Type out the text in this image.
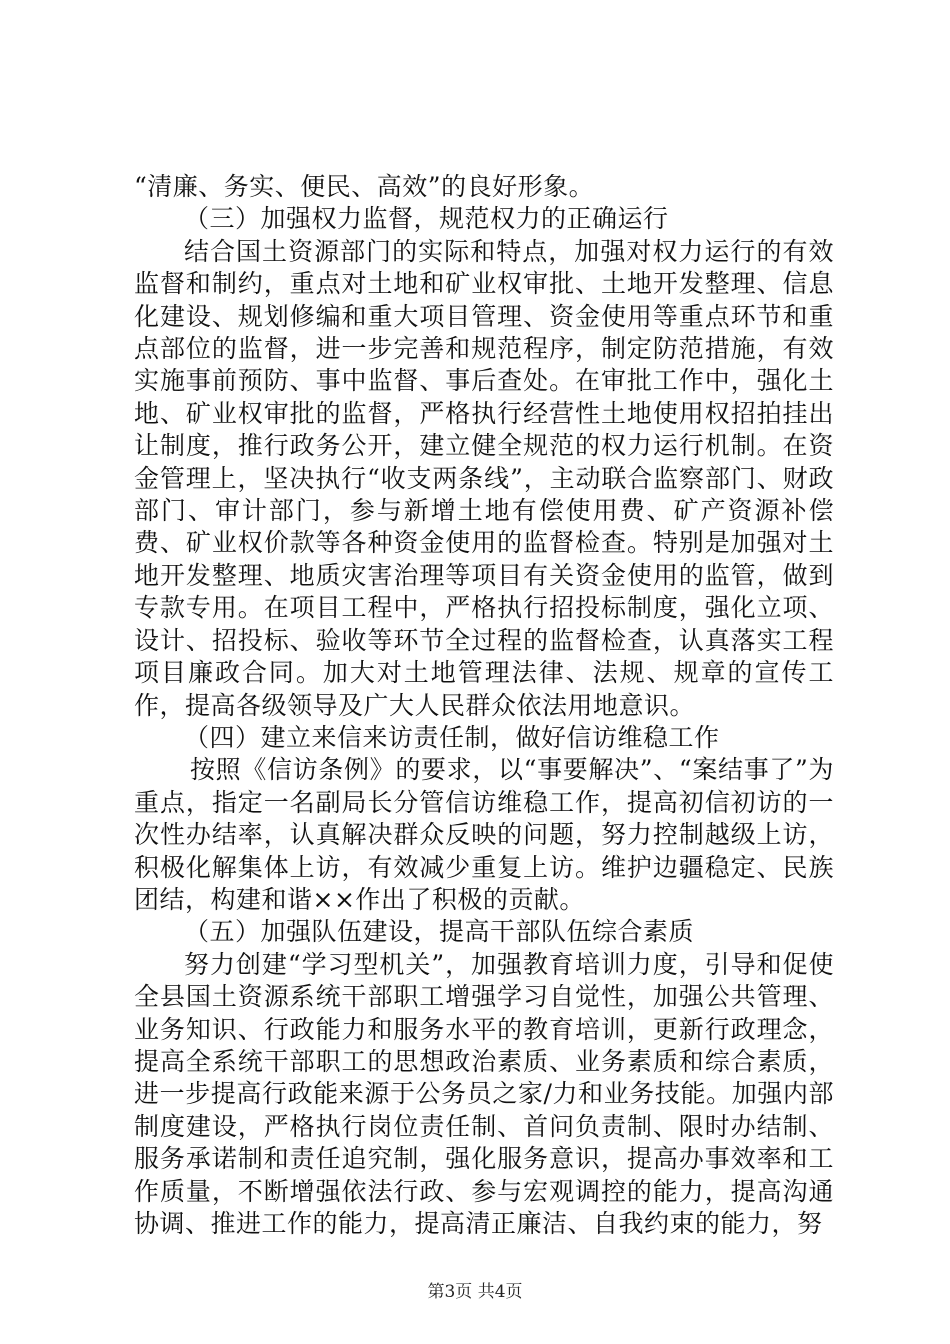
“清廉、务实、便民、高效”的良好形象。

（三）加强权力监督，规范权力的正确运行

结合国土资源部门的实际和特点，加强对权力运行的有效监督和制约，重点对土地和矿业权审批、土地开发整理、信息化建设、规划修编和重大项目管理、资金使用等重点环节和重点部位的监督，进一步完善和规范程序，制定防范措施，有效实施事前预防、事中监督、事后查处。在审批工作中，强化土地、矿业权审批的监督，严格执行经营性土地使用权招拍挂出让制度，推行政务公开，建立健全规范的权力运行机制。在资金管理上，坚决执行“收支两条线”，主动联合监察部门、财政部门、审计部门，参与新增土地有偿使用费、矿产资源补偿费、矿业权价款等各种资金使用的监督检查。特别是加强对土地开发整理、地质灾害治理等项目有关资金使用的监管，做到专款专用。在项目工程中，严格执行招投标制度，强化立项、设计、招投标、验收等环节全过程的监督检查，认真落实工程项目廉政合同。加大对土地管理法律、法规、规章的宣传工作，提高各级领导及广大人民群众依法用地意识。

（四）建立来信来访责任制，做好信访维稳工作

按照《信访条例》的要求，以“事要解决”、“案结事了”为重点，指定一名副局长分管信访维稳工作，提高初信初访的一次性办结率，认真解决群众反映的问题，努力控制越级上访，积极化解集体上访，有效减少重复上访。维护边疆稳定、民族团结，构建和谐××作出了积极的贡献。

（五）加强队伍建设，提高干部队伍综合素质

努力创建“学习型机关”，加强教育培训力度，引导和促使全县国土资源系统干部职工增强学习自觉性，加强公共管理、业务知识、行政能力和服务水平的教育培训，更新行政理念，提高全系统干部职工的思想政治素质、业务素质和综合素质，进一步提高行政能来源于公务员之家/力和业务技能。加强内部制度建设，严格执行岗位责任制、首问负责制、限时办结制、服务承诺制和责任追究制，强化服务意识，提高办事效率和工作质量，不断增强依法行政、参与宏观调控的能力，提高沟通协调、推进工作的能力，提高清正廉洁、自我约束的能力，努

第3页 共4页
